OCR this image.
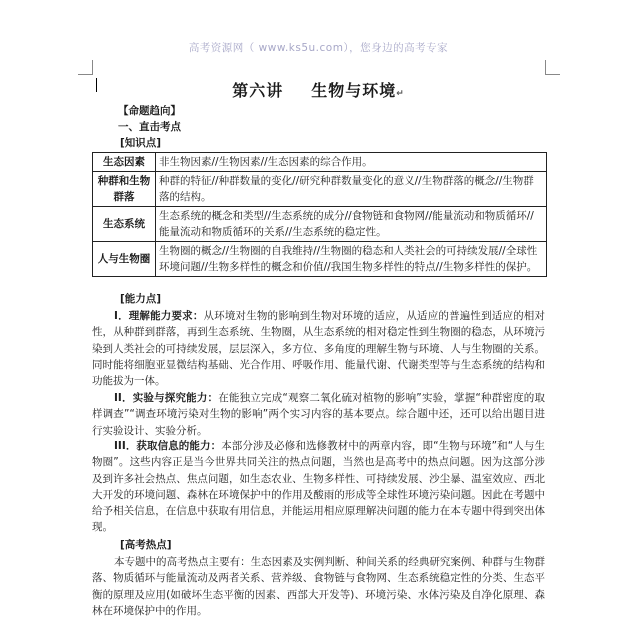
高考资源网（ www.ks5u.com），您身边的高考专家
第六讲 生物与环境↵
【命题趋向】
一、直击考点
[知识点]
生态因素	非生物因素//生物因素//生态因素的综合作用。
种群和生物群落	种群的特征//种群数量的变化//研究种群数量变化的意义//生物群落的概念//生物群落的结构。
生态系统	生态系统的概念和类型//生态系统的成分//食物链和食物网//能量流动和物质循环//能量流动和物质循环的关系//生态系统的稳定性。
人与生物圈	生物圈的概念//生物圈的自我维持//生物圈的稳态和人类社会的可持续发展//全球性环境问题//生物多样性的概念和价值//我国生物多样性的特点//生物多样性的保护。
[能力点]
I．理解能力要求：从环境对生物的影响到生物对环境的适应，从适应的普遍性到适应的相对性，从种群到群落，再到生态系统、生物圈，从生态系统的相对稳定性到生物圈的稳态，从环境污染到人类社会的可持续发展，层层深入，多方位、多角度的理解生物与环境、人与生物圈的关系。同时能将细胞亚显微结构基础、光合作用、呼吸作用、能量代谢、代谢类型等与生态系统的结构和功能拔为一体。
II．实验与探究能力：在能独立完成“观察二氧化硫对植物的影响”实验，掌握“种群密度的取样调查”“调查环境污染对生物的影响”两个实习内容的基本要点。综合题中还，还可以给出题目进行实验设计、实验分析。
III．获取信息的能力：本部分涉及必修和选修教材中的两章内容，即“生物与环境”和“人与生物圈”。这些内容正是当今世界共同关注的热点问题，当然也是高考中的热点问题。因为这部分涉及到许多社会热点、焦点问题，如生态农业、生物多样性、可持续发展、沙尘暴、温室效应、西北大开发的环境问题、森林在环境保护中的作用及酸雨的形成等全球性环境污染问题。因此在考题中给予相关信息，在信息中获取有用信息，并能运用相应原理解决问题的能力在本专题中得到突出体现。
[高考热点]
本专题中的高考热点主要有：生态因素及实例判断、种间关系的经典研究案例、种群与生物群落、物质循环与能量流动及两者关系、营养级、食物链与食物网、生态系统稳定性的分类、生态平衡的原理及应用(如破坏生态平衡的因素、西部大开发等)、环境污染、水体污染及自净化原理、森林在环境保护中的作用。
